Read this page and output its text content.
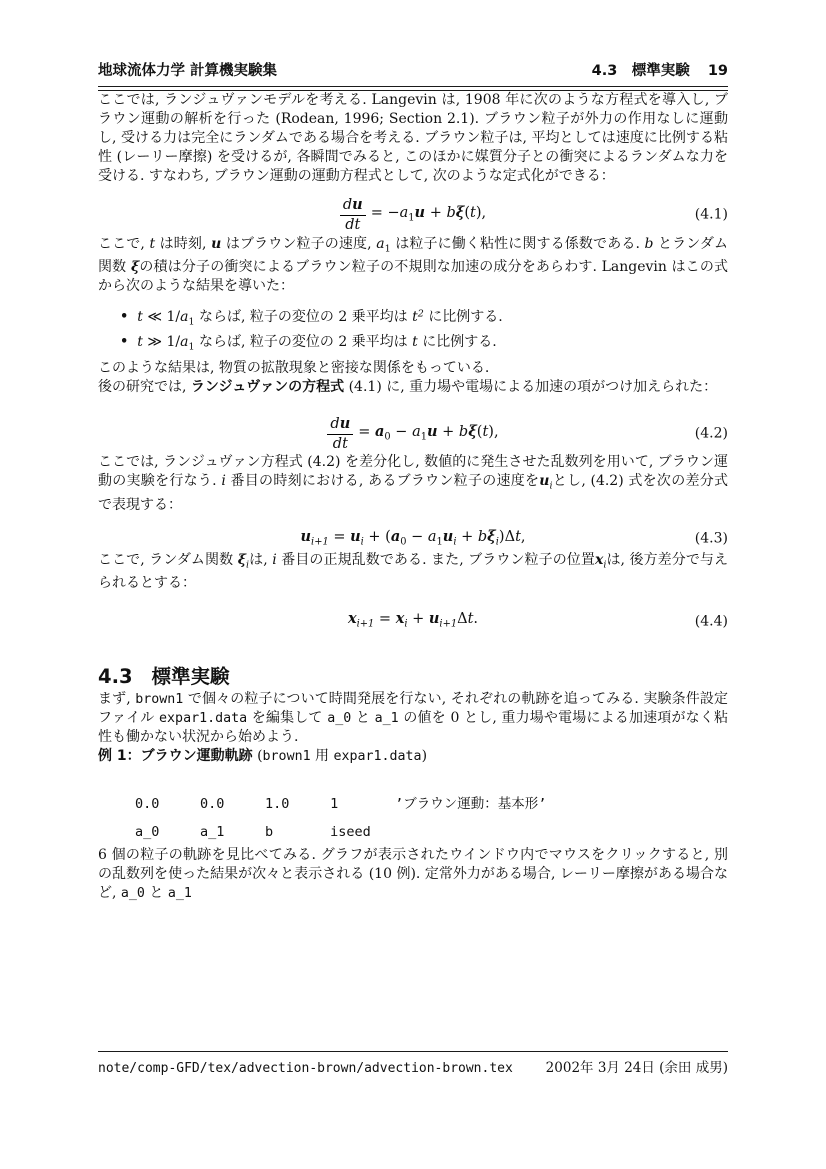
地球流体力学 計算機実験集	4.3　標準実験 19

ここでは, ランジュヴァンモデルを考える. Langevin は, 1908 年に次のような方程式を導入し, ブラウン運動の解析を行った (Rodean, 1996; Section 2.1). ブラウン粒子が外力の作用なしに運動し, 受ける力は完全にランダムである場合を考える. ブラウン粒子は, 平均としては速度に比例する粘性 (レーリー摩擦) を受けるが, 各瞬間でみると, このほかに媒質分子との衝突によるランダムな力を受ける. すなわち, ブラウン運動の運動方程式として, 次のような定式化ができる：

$\frac{du}{dt} = -a_1u + b\xi(t)$,	(4.1)

ここで, t は時刻, u はブラウン粒子の速度, $a_1$ は粒子に働く粘性に関する係数である. b とランダム関数 ξの積は分子の衝突によるブラウン粒子の不規則な加速の成分をあらわす. Langevin はこの式から次のような結果を導いた：

• t ≪ $1/a_1$ ならば, 粒子の変位の 2 乗平均は $t^2$ に比例する.
• t ≫ $1/a_1$ ならば, 粒子の変位の 2 乗平均は t に比例する.

このような結果は, 物質の拡散現象と密接な関係をもっている.

後の研究では, ランジュヴァンの方程式 (4.1) に, 重力場や電場による加速の項がつけ加えられた：

$\frac{du}{dt} = a_0 - a_1u + b\xi(t)$,	(4.2)

ここでは, ランジュヴァン方程式 (4.2) を差分化し, 数値的に発生させた乱数列を用いて, ブラウン運動の実験を行なう. i 番目の時刻における, あるブラウン粒子の速度を$u_i$とし, (4.2) 式を次の差分式で表現する：

$u_{i+1} = u_i + (a_0 - a_1u_i + b\xi_i)\Delta t$,	(4.3)

ここで, ランダム関数 $\xi_i$は, i 番目の正規乱数である. また, ブラウン粒子の位置$x_i$は, 後方差分で与えられるとする：

$x_{i+1} = x_i + u_{i+1}\Delta t$.	(4.4)
4.3 標準実験

まず, brown1 で個々の粒子について時間発展を行ない, それぞれの軌跡を追ってみる. 実験条件設定ファイル expar1.data を編集して a_0 と a_1 の値を 0 とし, 重力場や電場による加速項がなく粘性も働かない状況から始めよう.

例 1：ブラウン運動軌跡 (brown1 用 expar1.data)

0.0     0.0     1.0     1       ’ブラウン運動：基本形’
a_0     a_1     b       iseed

6 個の粒子の軌跡を見比べてみる. グラフが表示されたウインドウ内でマウスをクリックすると, 別の乱数列を使った結果が次々と表示される (10 例). 定常外力がある場合, レーリー摩擦がある場合など, a_0 と a_1

note/comp-GFD/tex/advection-brown/advection-brown.tex 2002年 3月 24日 (余田 成男)
